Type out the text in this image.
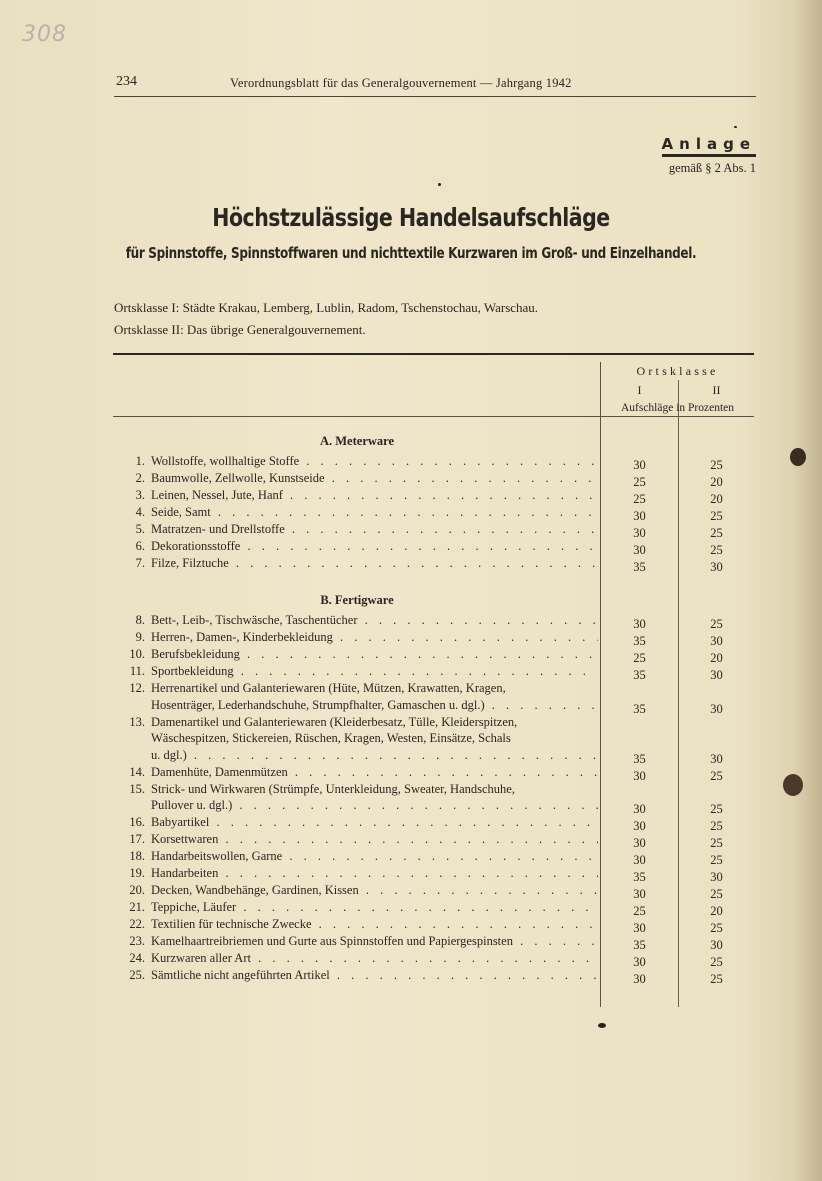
308
234	Verordnungsblatt für das Generalgouvernement — Jahrgang 1942
Anlage
gemäß § 2 Abs. 1
Höchstzulässige Handelsaufschläge
für Spinnstoffe, Spinnstoffwaren und nichttextile Kurzwaren im Groß- und Einzelhandel.
Ortsklasse I: Städte Krakau, Lemberg, Lublin, Radom, Tschenstochau, Warschau.
Ortsklasse II: Das übrige Generalgouvernement.
Ortsklasse
I	II
Aufschläge in Prozenten
A. Meterware
1. Wollstoffe, wollhaltige Stoffe . . .	30	25
2. Baumwolle, Zellwolle, Kunstseide . . .	25	20
3. Leinen, Nessel, Jute, Hanf . . .	25	20
4. Seide, Samt . . .	30	25
5. Matratzen- und Drellstoffe . . .	30	25
6. Dekorationsstoffe . . .	30	25
7. Filze, Filztuche . . .	35	30
B. Fertigware
8. Bett-, Leib-, Tischwäsche, Taschentücher . . .	30	25
9. Herren-, Damen-, Kinderbekleidung . . .	35	30
10. Berufsbekleidung . . .	25	20
11. Sportbekleidung . . .	35	30
12. Herrenartikel und Galanteriewaren (Hüte, Mützen, Krawatten, Kragen,
Hosenträger, Lederhandschuhe, Strumpfhalter, Gamaschen u. dgl.) . . .	35	30
13. Damenartikel und Galanteriewaren (Kleiderbesatz, Tülle, Kleiderspitzen,
Wäschespitzen, Stickereien, Rüschen, Kragen, Westen, Einsätze, Schals
u. dgl.) . . .	35	30
14. Damenhüte, Damenmützen . . .	30	25
15. Strick- und Wirkwaren (Strümpfe, Unterkleidung, Sweater, Handschuhe,
Pullover u. dgl.) . . .	30	25
16. Babyartikel . . .	30	25
17. Korsettwaren . . .	30	25
18. Handarbeitswollen, Garne . . .	30	25
19. Handarbeiten . . .	35	30
20. Decken, Wandbehänge, Gardinen, Kissen . . .	30	25
21. Teppiche, Läufer . . .	25	20
22. Textilien für technische Zwecke . . .	30	25
23. Kamelhaartreibriemen und Gurte aus Spinnstoffen und Papiergespinsten . . .	35	30
24. Kurzwaren aller Art . . .	30	25
25. Sämtliche nicht angeführten Artikel . . .	30	25
